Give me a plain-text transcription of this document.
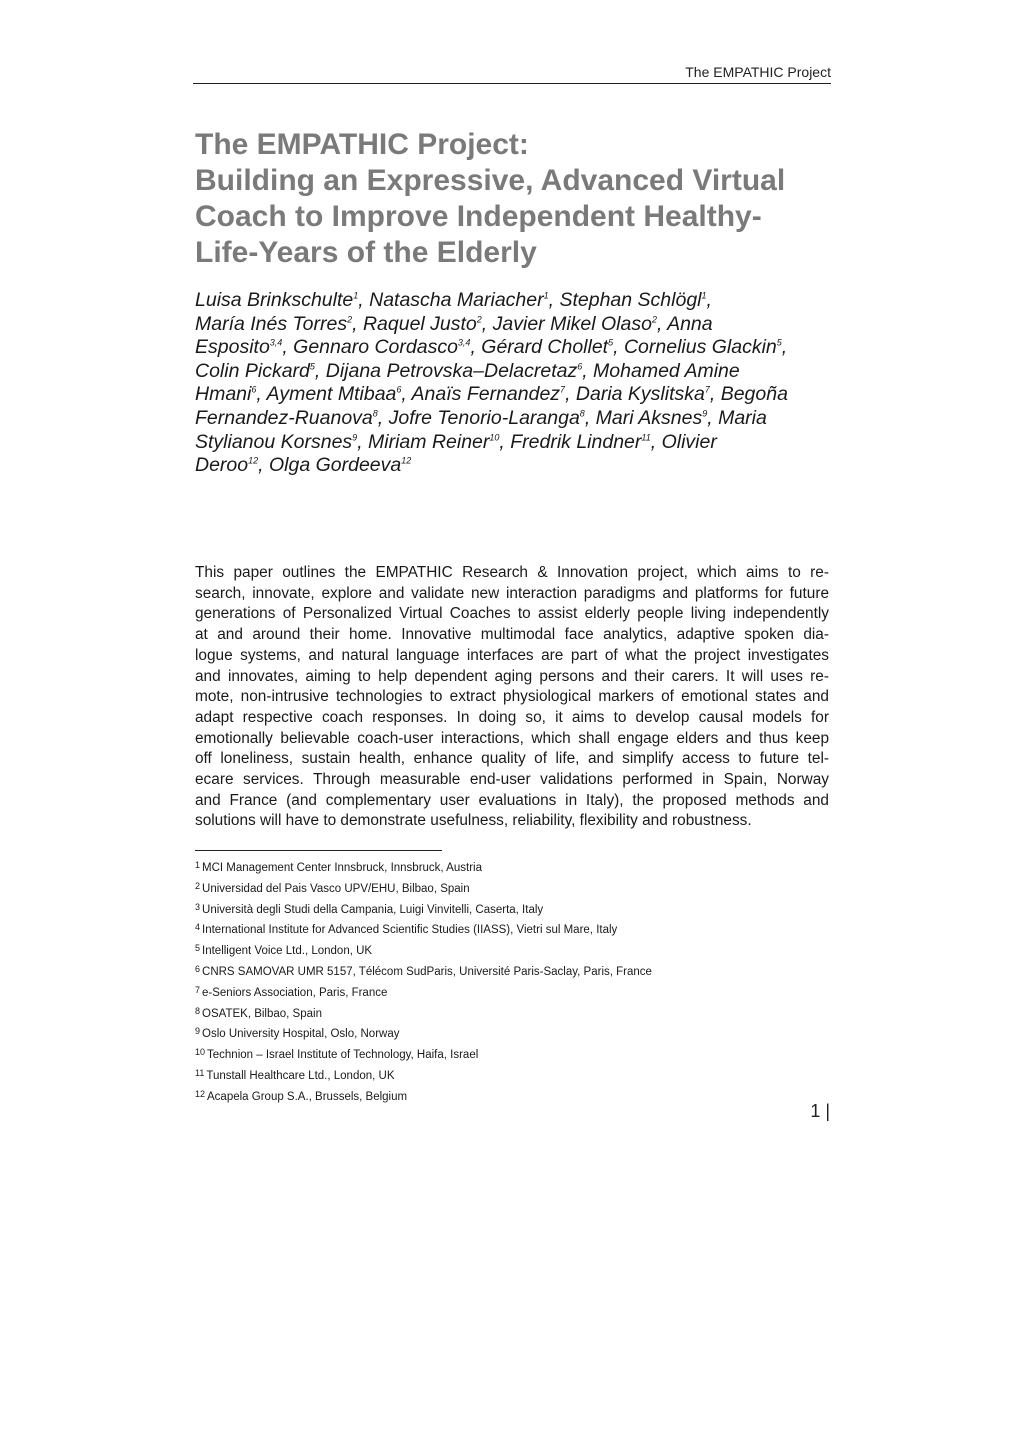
The EMPATHIC Project
The EMPATHIC Project:
Building an Expressive, Advanced Virtual
Coach to Improve Independent Healthy-
Life-Years of the Elderly
Luisa Brinkschulte$^1$, Natascha Mariacher$^1$, Stephan Schlögl$^1$,
María Inés Torres$^2$, Raquel Justo$^2$, Javier Mikel Olaso$^2$, Anna
Esposito$^{3,4}$, Gennaro Cordasco$^{3,4}$, Gérard Chollet$^5$, Cornelius Glackin$^5$,
Colin Pickard$^5$, Dijana Petrovska–Delacretaz$^6$, Mohamed Amine
Hmani$^6$, Ayment Mtibaa$^6$, Anaïs Fernandez$^7$, Daria Kyslitska$^7$, Begoña
Fernandez-Ruanova$^8$, Jofre Tenorio-Laranga$^8$, Mari Aksnes$^9$, Maria
Stylianou Korsnes$^9$, Miriam Reiner$^{10}$, Fredrik Lindner$^{11}$, Olivier
Deroo$^{12}$, Olga Gordeeva$^{12}$
This paper outlines the EMPATHIC Research & Innovation project, which aims to re-
search, innovate, explore and validate new interaction paradigms and platforms for future
generations of Personalized Virtual Coaches to assist elderly people living independently
at and around their home. Innovative multimodal face analytics, adaptive spoken dia-
logue systems, and natural language interfaces are part of what the project investigates
and innovates, aiming to help dependent aging persons and their carers. It will uses re-
mote, non-intrusive technologies to extract physiological markers of emotional states and
adapt respective coach responses. In doing so, it aims to develop causal models for
emotionally believable coach-user interactions, which shall engage elders and thus keep
off loneliness, sustain health, enhance quality of life, and simplify access to future tel-
ecare services. Through measurable end-user validations performed in Spain, Norway
and France (and complementary user evaluations in Italy), the proposed methods and
solutions will have to demonstrate usefulness, reliability, flexibility and robustness.
$^1$ MCI Management Center Innsbruck, Innsbruck, Austria
$^2$ Universidad del Pais Vasco UPV/EHU, Bilbao, Spain
$^3$ Università degli Studi della Campania, Luigi Vinvitelli, Caserta, Italy
$^4$ International Institute for Advanced Scientific Studies (IIASS), Vietri sul Mare, Italy
$^5$ Intelligent Voice Ltd., London, UK
$^6$ CNRS SAMOVAR UMR 5157, Télécom SudParis, Université Paris-Saclay, Paris, France
$^7$ e-Seniors Association, Paris, France
$^8$ OSATEK, Bilbao, Spain
$^9$ Oslo University Hospital, Oslo, Norway
$^{10}$ Technion – Israel Institute of Technology, Haifa, Israel
$^{11}$ Tunstall Healthcare Ltd., London, UK
$^{12}$ Acapela Group S.A., Brussels, Belgium
1 |
